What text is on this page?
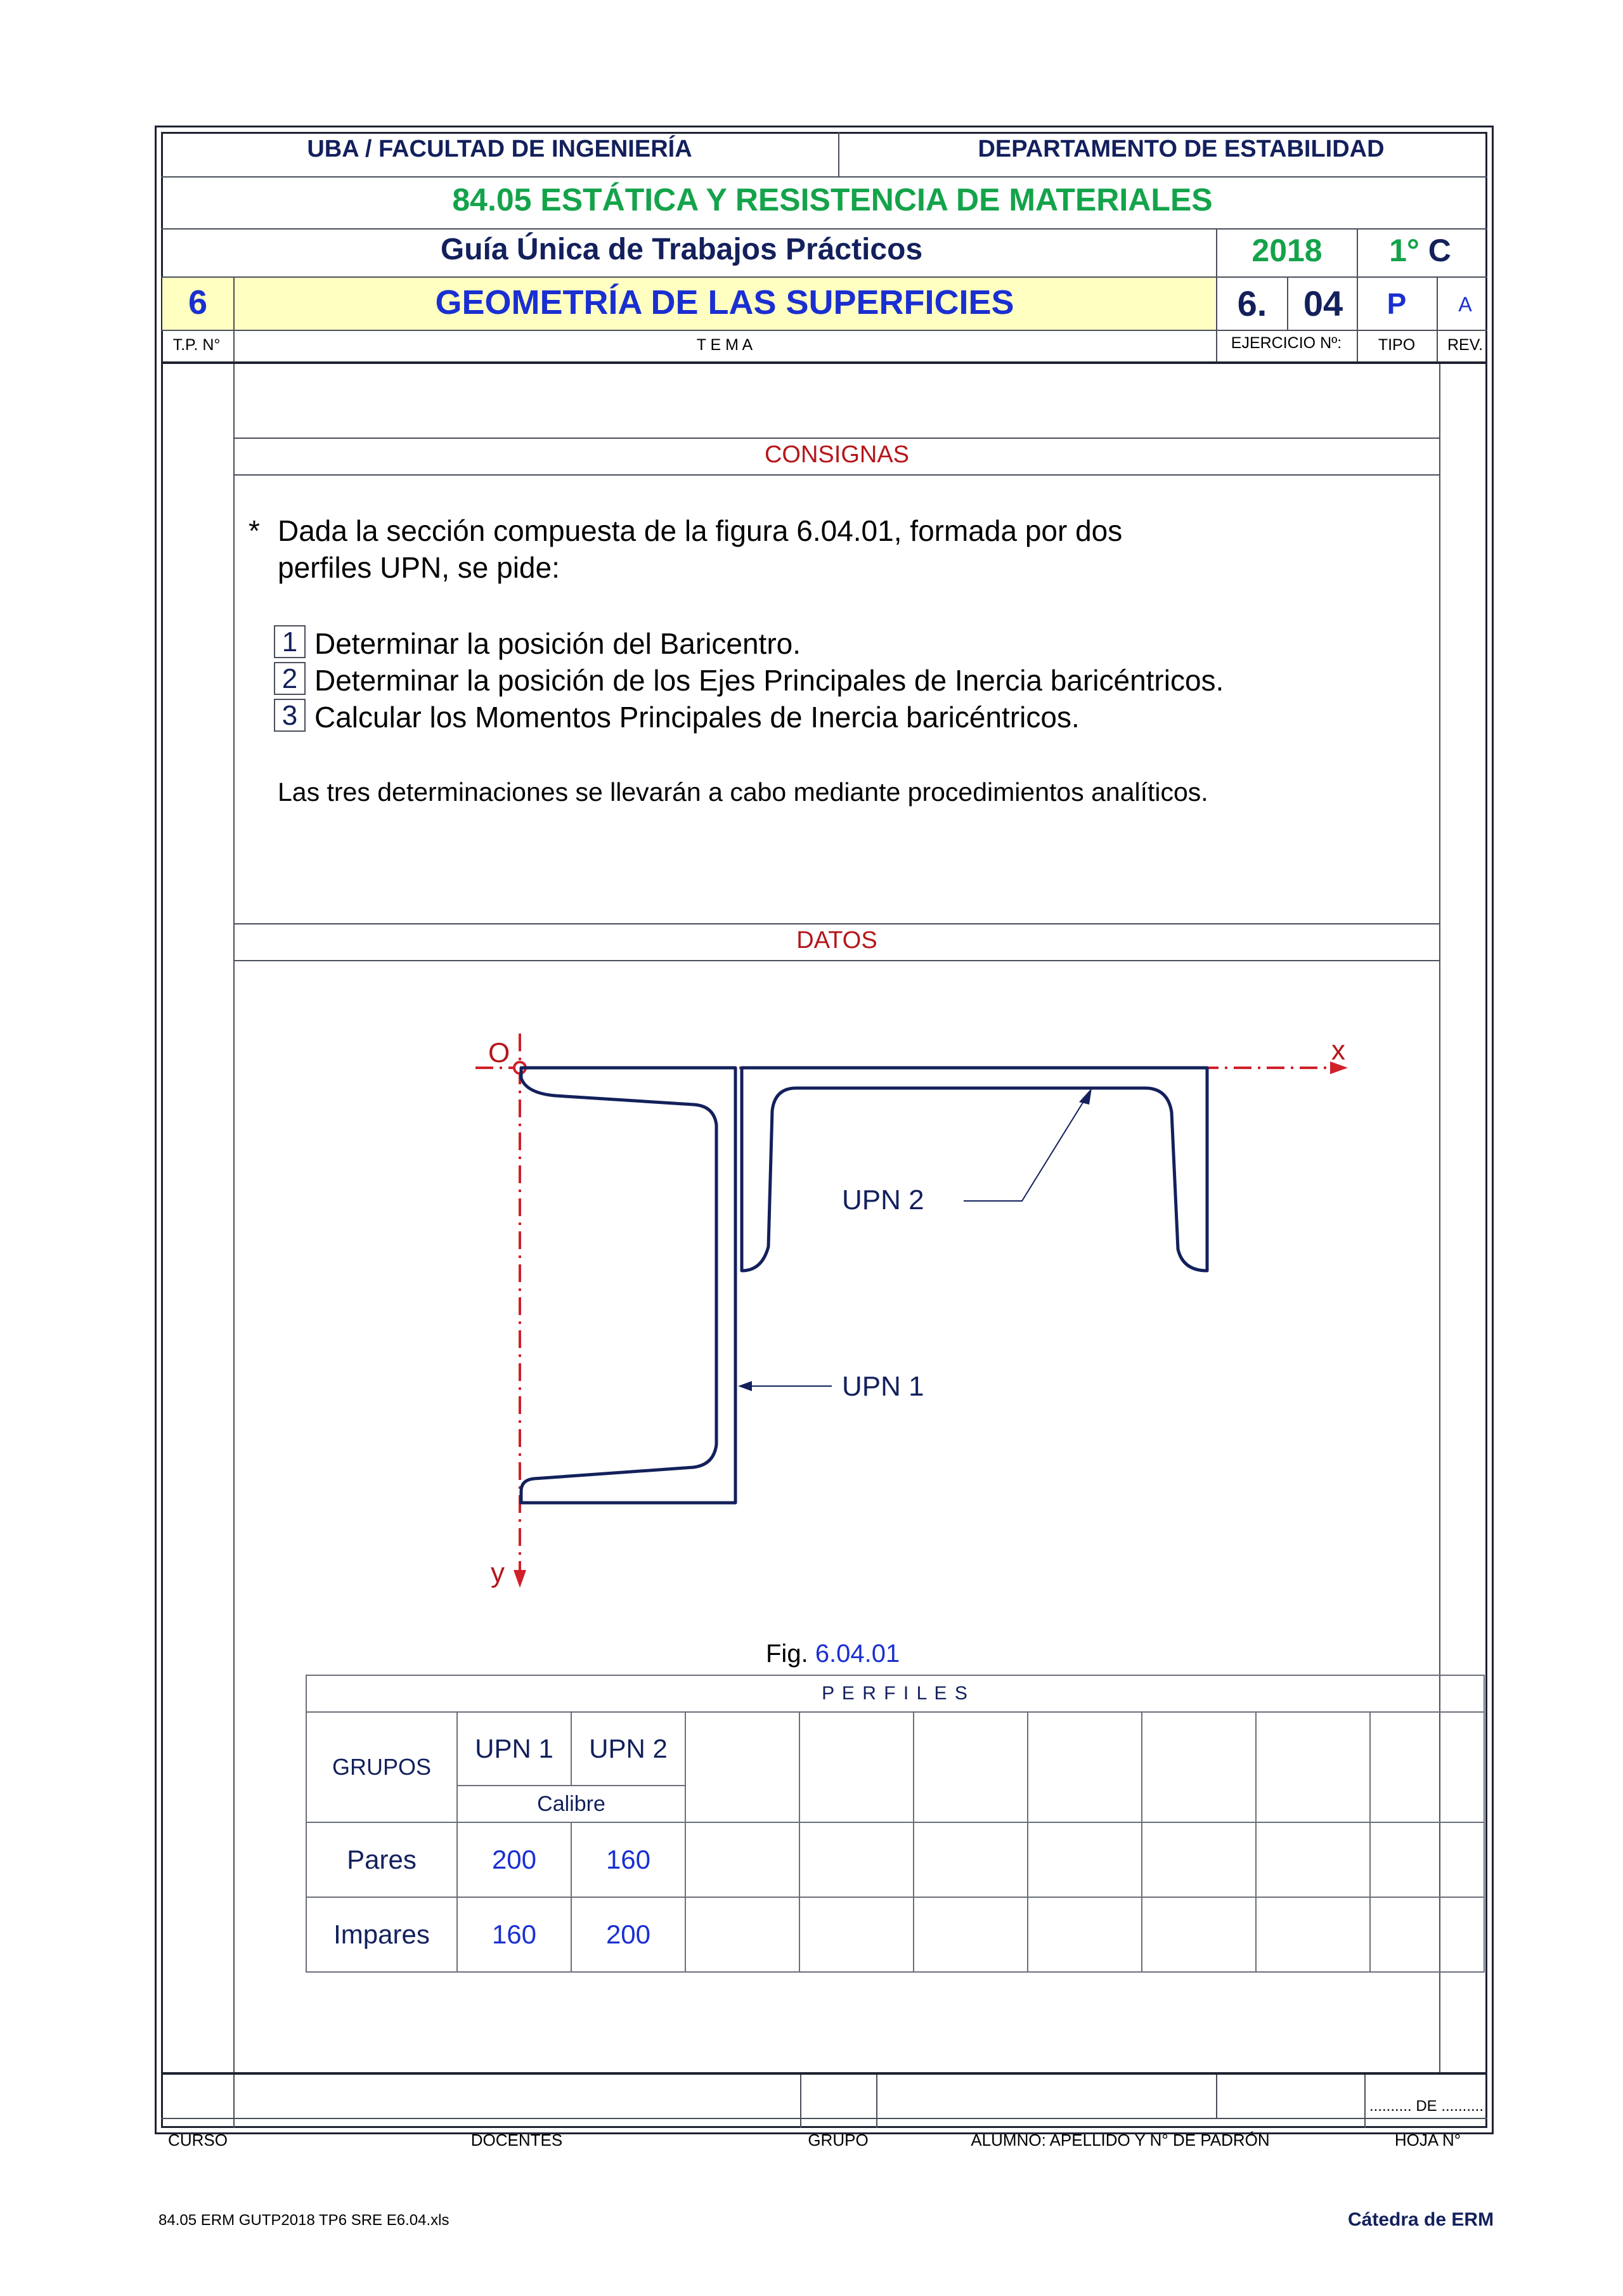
UBA / FACULTAD DE INGENIERÍA	DEPARTAMENTO DE ESTABILIDAD
84.05 ESTÁTICA Y RESISTENCIA DE MATERIALES
Guía Única de Trabajos Prácticos	2018 1° C
6	GEOMETRÍA DE LAS SUPERFICIES	6. 04 P	A
T.P. N°	T E M A	EJERCICIO Nº: TIPO REV.
CONSIGNAS
* Dada la sección compuesta de la figura 6.04.01, formada por dos
perfiles UPN, se pide:
1 Determinar la posición del Baricentro.
2 Determinar la posición de los Ejes Principales de Inercia baricéntricos.
3 Calcular los Momentos Principales de Inercia baricéntricos.
Las tres determinaciones se llevarán a cabo mediante procedimientos analíticos.
DATOS
O	x
y
UPN 2
UPN 1
Fig. 6.04.01
P E R F I L E S									
GRUPOS	UPN 1	UPN 2							
	Calibre								
Pares	200	160							
Impares	160	200							
.......... DE ..........
CURSO	DOCENTES	GRUPO	ALUMNO: APELLIDO Y N° DE PADRÓN	HOJA N°
84.05 ERM GUTP2018 TP6 SRE E6.04.xls	Cátedra de ERM
